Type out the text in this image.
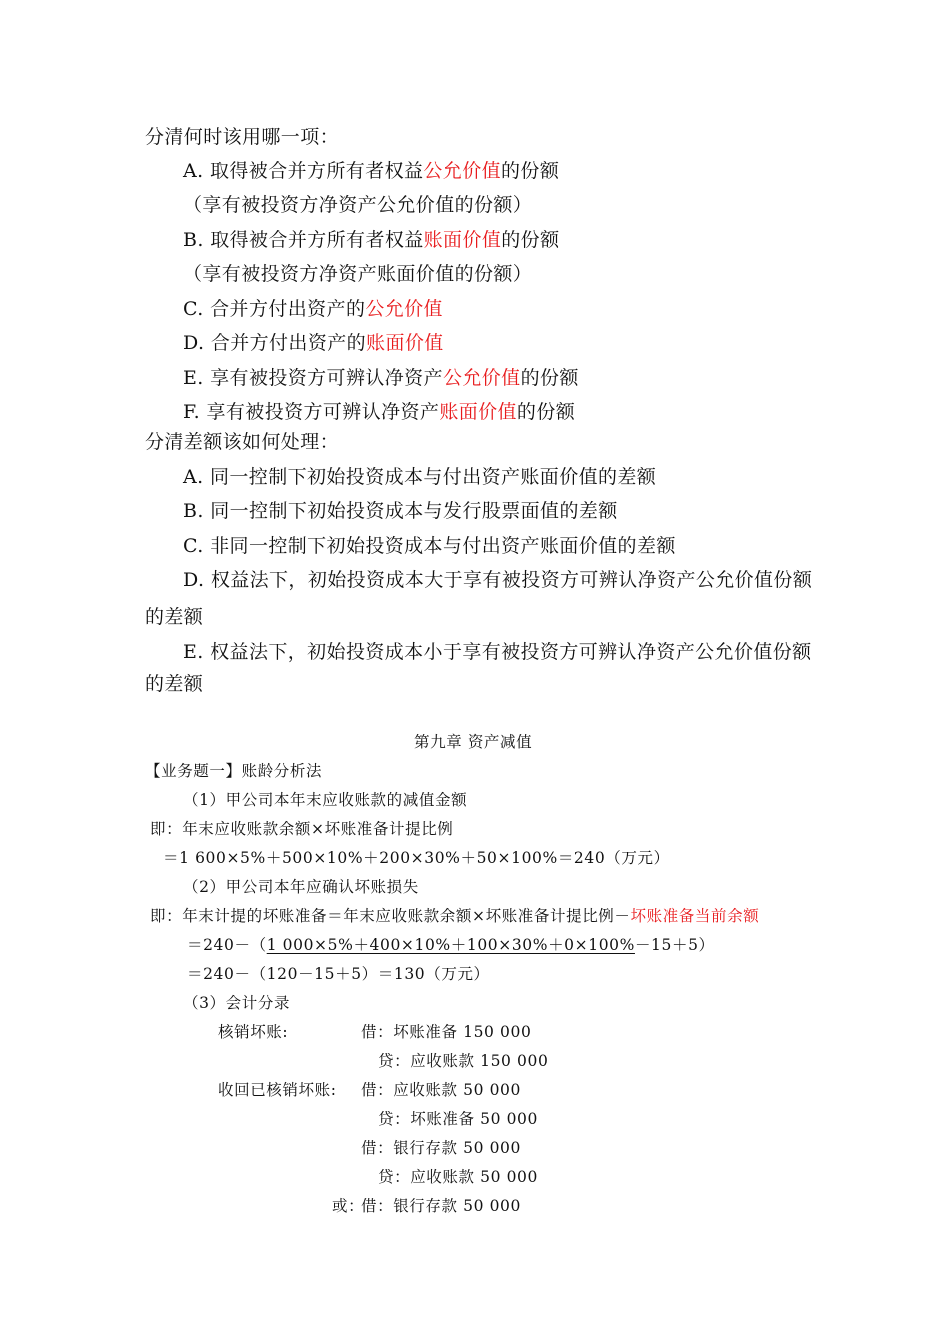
分清何时该用哪一项：
A. 取得被合并方所有者权益公允价值的份额
（享有被投资方净资产公允价值的份额）
B. 取得被合并方所有者权益账面价值的份额
（享有被投资方净资产账面价值的份额）
C. 合并方付出资产的公允价值
D. 合并方付出资产的账面价值
E. 享有被投资方可辨认净资产公允价值的份额
F. 享有被投资方可辨认净资产账面价值的份额
分清差额该如何处理：
A. 同一控制下初始投资成本与付出资产账面价值的差额
B. 同一控制下初始投资成本与发行股票面值的差额
C. 非同一控制下初始投资成本与付出资产账面价值的差额
D. 权益法下，初始投资成本大于享有被投资方可辨认净资产公允价值份额
的差额
E. 权益法下，初始投资成本小于享有被投资方可辨认净资产公允价值份额
的差额
第九章 资产减值
【业务题一】账龄分析法
（1）甲公司本年末应收账款的减值金额
即：年末应收账款余额×坏账准备计提比例
＝1 600×5%＋500×10%＋200×30%＋50×100%＝240（万元）
（2）甲公司本年应确认坏账损失
即：年末计提的坏账准备＝年末应收账款余额×坏账准备计提比例－坏账准备当前余额
＝240－（1 000×5%＋400×10%＋100×30%＋0×100%－15＋5）
＝240－（120－15＋5）＝130（万元）
（3）会计分录
核销坏账:	借：坏账准备 150 000
贷：应收账款 150 000
收回已核销坏账: 借：应收账款 50 000
贷：坏账准备 50 000
借：银行存款 50 000
贷：应收账款 50 000
或：
借：银行存款 50 000
